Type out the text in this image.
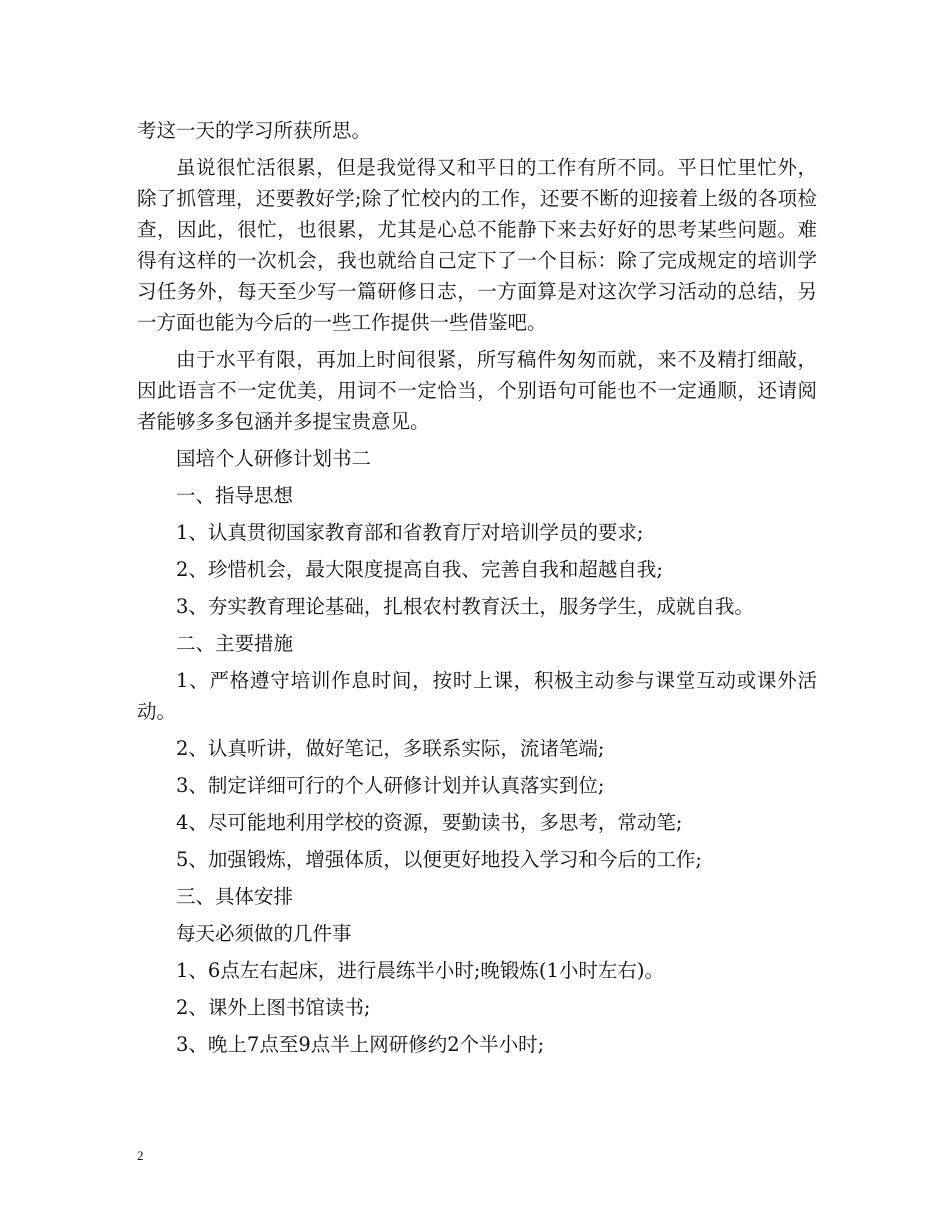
考这一天的学习所获所思。

虽说很忙活很累，但是我觉得又和平日的工作有所不同。平日忙里忙外，除了抓管理，还要教好学;除了忙校内的工作，还要不断的迎接着上级的各项检查，因此，很忙，也很累，尤其是心总不能静下来去好好的思考某些问题。难得有这样的一次机会，我也就给自己定下了一个目标：除了完成规定的培训学习任务外，每天至少写一篇研修日志，一方面算是对这次学习活动的总结，另一方面也能为今后的一些工作提供一些借鉴吧。

由于水平有限，再加上时间很紧，所写稿件匆匆而就，来不及精打细敲，因此语言不一定优美，用词不一定恰当，个别语句可能也不一定通顺，还请阅者能够多多包涵并多提宝贵意见。

国培个人研修计划书二

一、指导思想

1、认真贯彻国家教育部和省教育厅对培训学员的要求;

2、珍惜机会，最大限度提高自我、完善自我和超越自我;

3、夯实教育理论基础，扎根农村教育沃土，服务学生，成就自我。

二、主要措施

1、严格遵守培训作息时间，按时上课，积极主动参与课堂互动或课外活动。

2、认真听讲，做好笔记，多联系实际，流诸笔端;

3、制定详细可行的个人研修计划并认真落实到位;

4、尽可能地利用学校的资源，要勤读书，多思考，常动笔;

5、加强锻炼，增强体质，以便更好地投入学习和今后的工作;

三、具体安排

每天必须做的几件事

1、6点左右起床，进行晨练半小时;晚锻炼(1小时左右)。

2、课外上图书馆读书;

3、晚上7点至9点半上网研修约2个半小时;

2
